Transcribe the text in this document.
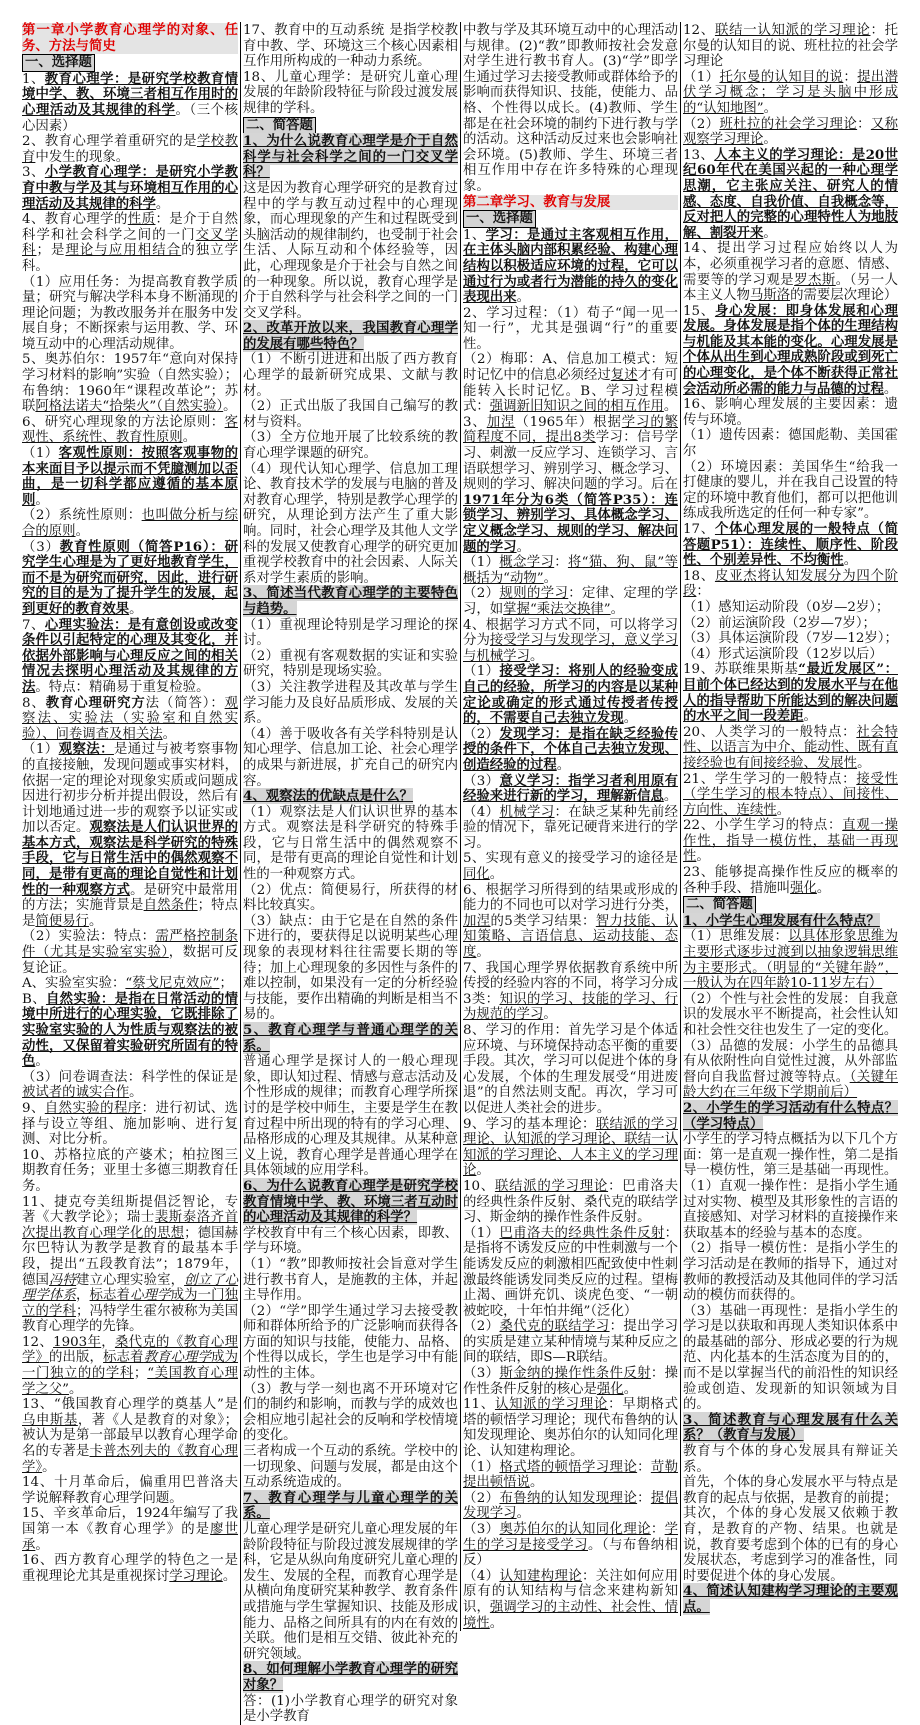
第一章小学教育心理学的对象、任务、方法与简史
一、选择题
1、教育心理学：是研究学校教育情境中学、教、环境三者相互作用时的心理活动及其规律的科学。（三个核心因素）
2、教育心理学着重研究的是学校教育中发生的现象。
3、小学教育心理学：是研究小学教育中教与学及其与环境相互作用的心理活动及其规律的科学。
4、教育心理学的性质：是介于自然科学和社会科学之间的一门交叉学科；是理论与应用相结合的独立学科。
（1）应用任务：为提高教育教学质量；研究与解决学科本身不断涌现的理论问题；为教改服务并在服务中发展自身；不断探索与运用教、学、环境互动中的心理活动规律。
5、奥苏伯尔：1957年“意向对保持学习材料的影响”实验（自然实验）；布鲁纳：1960年“课程改革论”；苏联阿格法诺夫“拾柴火”（自然实验）。
6、研究心理现象的方法论原则：客观性、系统性、教育性原则。
（1）客观性原则：按照客观事物的本来面目予以提示而不凭臆测加以歪曲，是一切科学都应遵循的基本原则。
（2）系统性原则：也叫做分析与综合的原则。
（3）教育性原则（简答P16）：研究学生心理是为了更好地教育学生，而不是为研究而研究，因此，进行研究的目的是为了提升学生的发展，起到更好的教育效果。
7、心理实验法：是有意创设或改变条件以引起特定的心理及其变化，并依据外部影响与心理反应之间的相关情况去探明心理活动及其规律的方法。特点：精确易于重复检验。
8、教育心理研究方法（简答）：观察法、实验法（实验室和自然实验）、问卷调查及相关法。
（1）观察法：是通过与被考察事物的直接接触，发现问题或事实材料，依据一定的理论对现象实质或问题成因进行初步分析并提出假设，然后有计划地通过进一步的观察予以证实或加以否定。观察法是人们认识世界的基本方式，观察法是科学研究的特殊手段，它与日常生活中的偶然观察不同，是带有更高的理论自觉性和计划性的一种观察方式。是研究中最常用的方法；实施背景是自然条件；特点是简便易行。
（2）实验法：特点：需严格控制条件（尤其是实验室实验），数据可反复论证。
A、实验室实验：“蔡戈尼克效应”；
B、自然实验：是指在日常活动的情境中所进行的心理实验，它既排除了实验室实验的人为性质与观察法的被动性，又保留着实验研究所固有的特色。
（3）问卷调查法：科学性的保证是被试者的诚实合作。
9、自然实验的程序：进行初试、选择与设立等组、施加影响、进行复测、对比分析。
10、苏格拉底的产婆术；柏拉图三期教育任务；亚里士多德三期教育任务。
11、捷克夸美纽斯提倡泛智论，专著《大教学论》；瑞士裴斯泰洛齐首次提出教育心理学化的思想；德国赫尔巴特认为教学是教育的最基本手段，提出“五段教育法”；1879年，德国冯特建立心理实验室，创立了心理学体系，标志着心理学成为一门独立的学科；冯特学生霍尔被称为美国教育心理学的先锋。
12、1903年，桑代克的《教育心理学》的出版，标志着教育心理学成为一门独立的的学科；“美国教育心理学之父”。
13、“俄国教育心理学的奠基人”是乌申斯基，著《人是教育的对象》；被认为是第一部最早以教育心理学命名的专著是卡普杰列夫的《教育心理学》。
14、十月革命后，偏重用巴普洛夫学说解释教育心理学问题。
15、辛亥革命后，1924年编写了我国第一本《教育心理学》的是廖世承。
16、西方教育心理学的特色之一是重视理论尤其是重视探讨学习理论。
17、教育中的互动系统 是指学校教育中教、学、环境这三个核心因素相互作用所构成的一种动力系统。
18、儿童心理学：是研究儿童心理发展的年龄阶段特征与阶段过渡发展规律的学科。
二、简答题
1、为什么说教育心理学是介于自然科学与社会科学之间的一门交叉学科？
这是因为教育心理学研究的是教育过程中的学与教互动过程中的心理现象，而心理现象的产生和过程既受到头脑活动的规律制约，也受制于社会生活、人际互动和个体经验等，因此，心理现象是介于社会与自然之间的一种现象。所以说，教育心理学是介于自然科学与社会科学之间的一门交叉学科。
2、改革开放以来，我国教育心理学的发展有哪些特色？
（1）不断引进进和出版了西方教育心理学的最新研究成果、文献与教材。
（2）正式出版了我国自己编写的教材与资料。
（3）全方位地开展了比较系统的教育心理学课题的研究。
（4）现代认知心理学、信息加工理论、教育技术学的发展与电脑的普及对教育心理学，特别是教学心理学的研究，从理论到方法产生了重大影响。同时，社会心理学及其他人文学科的发展又使教育心理学的研究更加重视学校教育中的社会因素、人际关系对学生素质的影响。
3、简述当代教育心理学的主要特色与趋势。
（1）重视理论特别是学习理论的探讨。
（2）重视有客观数据的实证和实验研究，特别是现场实验。
（3）关注教学进程及其改革与学生学习能力及良好品质形成、发展的关系。
（4）善于吸收各有关学科特别是认知心理学、信息加工论、社会心理学的成果与新进展，扩充自己的研究内容。
4、观察法的优缺点是什么？
（1）观察法是人们认识世界的基本方式。观察法是科学研究的特殊手段，它与日常生活中的偶然观察不同，是带有更高的理论自觉性和计划性的一种观察方式。
（2）优点：简便易行，所获得的材料比较真实。
（3）缺点：由于它是在自然的条件下进行的，要获得足以说明某些心理现象的表现材料往往需要长期的等待；加上心理现象的多因性与条件的难以控制，如果没有一定的分析经验与技能，要作出精确的判断是相当不易的。
5、教育心理学与普通心理学的关系。
普通心理学是探讨人的一般心理现象，即认知过程、情感与意志活动及个性形成的规律；而教育心理学所探讨的是学校中师生，主要是学生在教育过程中所出现的特有的学习心理、品格形成的心理及其规律。从某种意义上说，教育心理学是普通心理学在具体领域的应用学科。
6、为什么说教育心理学是研究学校教育情境中学、教、环境三者互动时的心理活动及其规律的科学？
学校教育中有三个核心因素，即教、学与环境。
（1）“教”即教师按社会旨意对学生进行教书育人，是施教的主体，并起主导作用。
（2）“学”即学生通过学习去接受教师和群体所给予的广泛影响而获得各方面的知识与技能，使能力、品格、个性得以成长，学生也是学习中有能动性的主体。
（3）教与学一刻也离不开环境对它们的制约和影响，而教与学的成效也会相应地引起社会的反响和学校情境的变化。
三者构成一个互动的系统。学校中的一切现象、问题与发展，都是由这个互动系统造成的。
7、教育心理学与儿童心理学的关系。
儿童心理学是研究儿童心理发展的年龄阶段特征与阶段过渡发展规律的学科，它是从纵向角度研究儿童心理的发生、发展的全程，而教育心理学是从横向角度研究某种教学、教育条件或措施与学生掌握知识、技能及形成能力、品格之间所具有的内在有效的关联。他们是相互交错、彼此补充的研究领域。
8、如何理解小学教育心理学的研究对象？
答：(1)小学教育心理学的研究对象是小学教育
中教与学及其环境互动中的心理活动与规律。(2)“教”即教师按社会发意对学生进行教书育人。(3)“学”即学生通过学习去接受教师或群体给予的影响而获得知识、技能，使能力、品格、个性得以成长。(4)教师、学生都是在社会环境的制约下进行教与学的活动。这种活动反过来也会影响社会环境。(5)教师、学生、环境三者相互作用中存在许多特殊的心理现象。
第二章学习、教育与发展
一、选择题
1、学习：是通过主客观相互作用，在主体头脑内部积累经验、构建心理结构以积极适应环境的过程，它可以通过行为或者行为潜能的持久的变化表现出来。
2、学习过程：（1）荀子“闻一见一知一行”，尤其是强调“行”的重要性。
（2）梅耶：A、信息加工模式：短时记忆中的信息必须经过复述才有可能转入长时记忆。B、学习过程模式：强调新旧知识之间的相互作用。
3、加涅（1965年）根据学习的繁简程度不同，提出8类学习：信号学习、刺激一反应学习、连锁学习、言语联想学习、辨别学习、概念学习、规则的学习、解决问题的学习。后在1971年分为6类（简答P35）：连锁学习、辨别学习、具体概念学习、定义概念学习、规则的学习、解决问题的学习。
（1）概念学习：将“猫、狗、鼠”等概括为“动物”。
（2）规则的学习：定律、定理的学习，如掌握“乘法交换律”。
4、根据学习方式不同，可以将学习分为接受学习与发现学习，意义学习与机械学习。
（1）接受学习：将别人的经验变成自己的经验，所学习的内容是以某种定论或确定的形式通过传授者传授的，不需要自己去独立发现。
（2）发现学习：是指在缺乏经验传授的条件下，个体自己去独立发现、创造经验的过程。
（3）意义学习：指学习者利用原有经验来进行新的学习，理解新信息。
（4）机械学习：在缺乏某种先前经验的情况下，靠死记硬背来进行的学习。
5、实现有意义的接受学习的途径是同化。
6、根据学习所得到的结果或形成的能力的不同也可以对学习进行分类，加涅的5类学习结果：智力技能、认知策略、言语信息、运动技能、态度。
7、我国心理学界依据教育系统中所传授的经验内容的不同，将学习分成3类：知识的学习、技能的学习、行为规范的学习。
8、学习的作用：首先学习是个体适应环境、与环境保持动态平衡的重要手段。其次，学习可以促进个体的身心发展，个体的生理发展受“用进废退”的自然法则支配。再次，学习可以促进人类社会的进步。
9、学习的基本理论：联结派的学习理论、认知派的学习理论、联结一认知派的学习理论、人本主义的学习理论。
10、联结派的学习理论：巴甫洛夫的经典性条件反射、桑代克的联结学习、斯金纳的操作性条件反射。
（1）巴甫洛夫的经典性条件反射：是指将不诱发反应的中性刺激与一个能诱发反应的刺激相匹配致使中性刺激最终能诱发同类反应的过程。望梅止渴、画饼充饥、谈虎色变、“一朝被蛇咬，十年怕井绳”（泛化）
（2）桑代克的联结学习：提出学习的实质是建立某种情境与某种反应之间的联结，即S—R联结。
（3）斯金纳的操作性条件反射：操作性条件反射的核心是强化。
11、认知派的学习理论：早期格式塔的顿悟学习理论；现代布鲁纳的认知发现理论、奥苏伯尔的认知同化理论、认知建构理论。
（1）格式塔的顿悟学习理论：苛勒提出顿悟说。
（2）布鲁纳的认知发现理论：提倡发现学习。
（3）奥苏伯尔的认知同化理论：学生的学习是接受学习。（与布鲁纳相反）
（4）认知建构理论：关注如何应用原有的认知结构与信念来建构新知识，强调学习的主动性、社会性、情境性。
12、联结一认知派的学习理论：托尔曼的认知目的说、班杜拉的社会学习理论
（1）托尔曼的认知目的说：提出潜伏学习概念；学习是头脑中形成的“认知地图”。
（2）班杜拉的社会学习理论：又称观察学习理论。
13、人本主义的学习理论：是20世纪60年代在美国兴起的一种心理学思潮，它主张应关注、研究人的情感、态度、自我价值、自我概念等，反对把人的完整的心理特性人为地肢解、割裂开来。
14、提出学习过程应始终以人为本，必须重视学习者的意愿、情感、需要等的学习观是罗杰斯。（另一人本主义人物马斯洛的需要层次理论）
15、身心发展：即身体发展和心理发展。身体发展是指个体的生理结构与机能及其本能的变化。心理发展是个体从出生到心理成熟阶段或到死亡的心理变化，是个体不断获得正常社会活动所必需的能力与品德的过程。
16、影响心理发展的主要因素：遗传与环境。
（1）遗传因素：德国彪勒、美国霍尔
（2）环境因素：美国华生“给我一打健康的婴儿，并在我自己设置的特定的环境中教育他们，都可以把他训练成我所选定的任何一种专家”。
17、个体心理发展的一般特点（简答题P51）：连续性、顺序性、阶段性、个别差异性、不均衡性。
18、皮亚杰将认知发展分为四个阶段：
（1）感知运动阶段（0岁—2岁）；
（2）前运演阶段（2岁—7岁）；
（3）具体运演阶段（7岁—12岁）；
（4）形式运演阶段（12岁以后）
19、苏联维果斯基“最近发展区”：目前个体已经达到的发展水平与在他人的指导帮助下所能达到的解决问题的水平之间一段差距。
20、人类学习的一般特点：社会特性、以语言为中介、能动性、既有直接经验也有间接经验、发展性。
21、学生学习的一般特点：接受性（学生学习的根本特点）、间接性、方向性、连续性。
22、小学生学习的特点：直观一操作性，指导一模仿性，基础一再现性。
23、能够提高操作性反应的概率的各种手段、措施叫强化。
二、简答题
1、小学生心理发展有什么特点？
（1）思维发展：以具体形象思维为主要形式逐步过渡到以抽象逻辑思维为主要形式。（明显的“关键年龄”，一般认为在四年龄10-11岁左右）
（2）个性与社会性的发展：自我意识的发展水平不断提高，社会性认知和社会性交往也发生了一定的变化。
（3）品德的发展：小学生的品德具有从依附性向自觉性过渡，从外部监督向自我监督过渡等特点。（关键年龄大约在三年级下学期前后）
2、小学生的学习活动有什么特点？（学习特点）
小学生的学习特点概括为以下几个方面：第一是直观一操作性，第二是指导一模仿性，第三是基础一再现性。
（1）直观一操作性：是指小学生通过对实物、模型及其形象性的言语的直接感知、对学习材料的直接操作来获取基本的经验与基本的态度。
（2）指导一模仿性：是指小学生的学习活动是在教师的指导下，通过对教师的教授活动及其他同伴的学习活动的模仿而获得的。
（3）基础一再现性：是指小学生的学习是以获取和再现人类知识体系中的最基础的部分、形成必要的行为规范、内化基本的生活态度为目的的，而不是以掌握当代的前沿性的知识经验或创造、发现新的知识领域为目的。
3、简述教育与心理发展有什么关系？（教育与发展）
教育与个体的身心发展具有辩证关系。
首先，个体的身心发展水平与特点是教育的起点与依据，是教育的前提；
其次，个体的身心发展又依赖于教育，是教育的产物、结果。也就是说，教育要考虑到个体的已有的身心发展状态，考虑到学习的准备性，同时要促进个体的身心发展。
4、简述认知建构学习理论的主要观点。
